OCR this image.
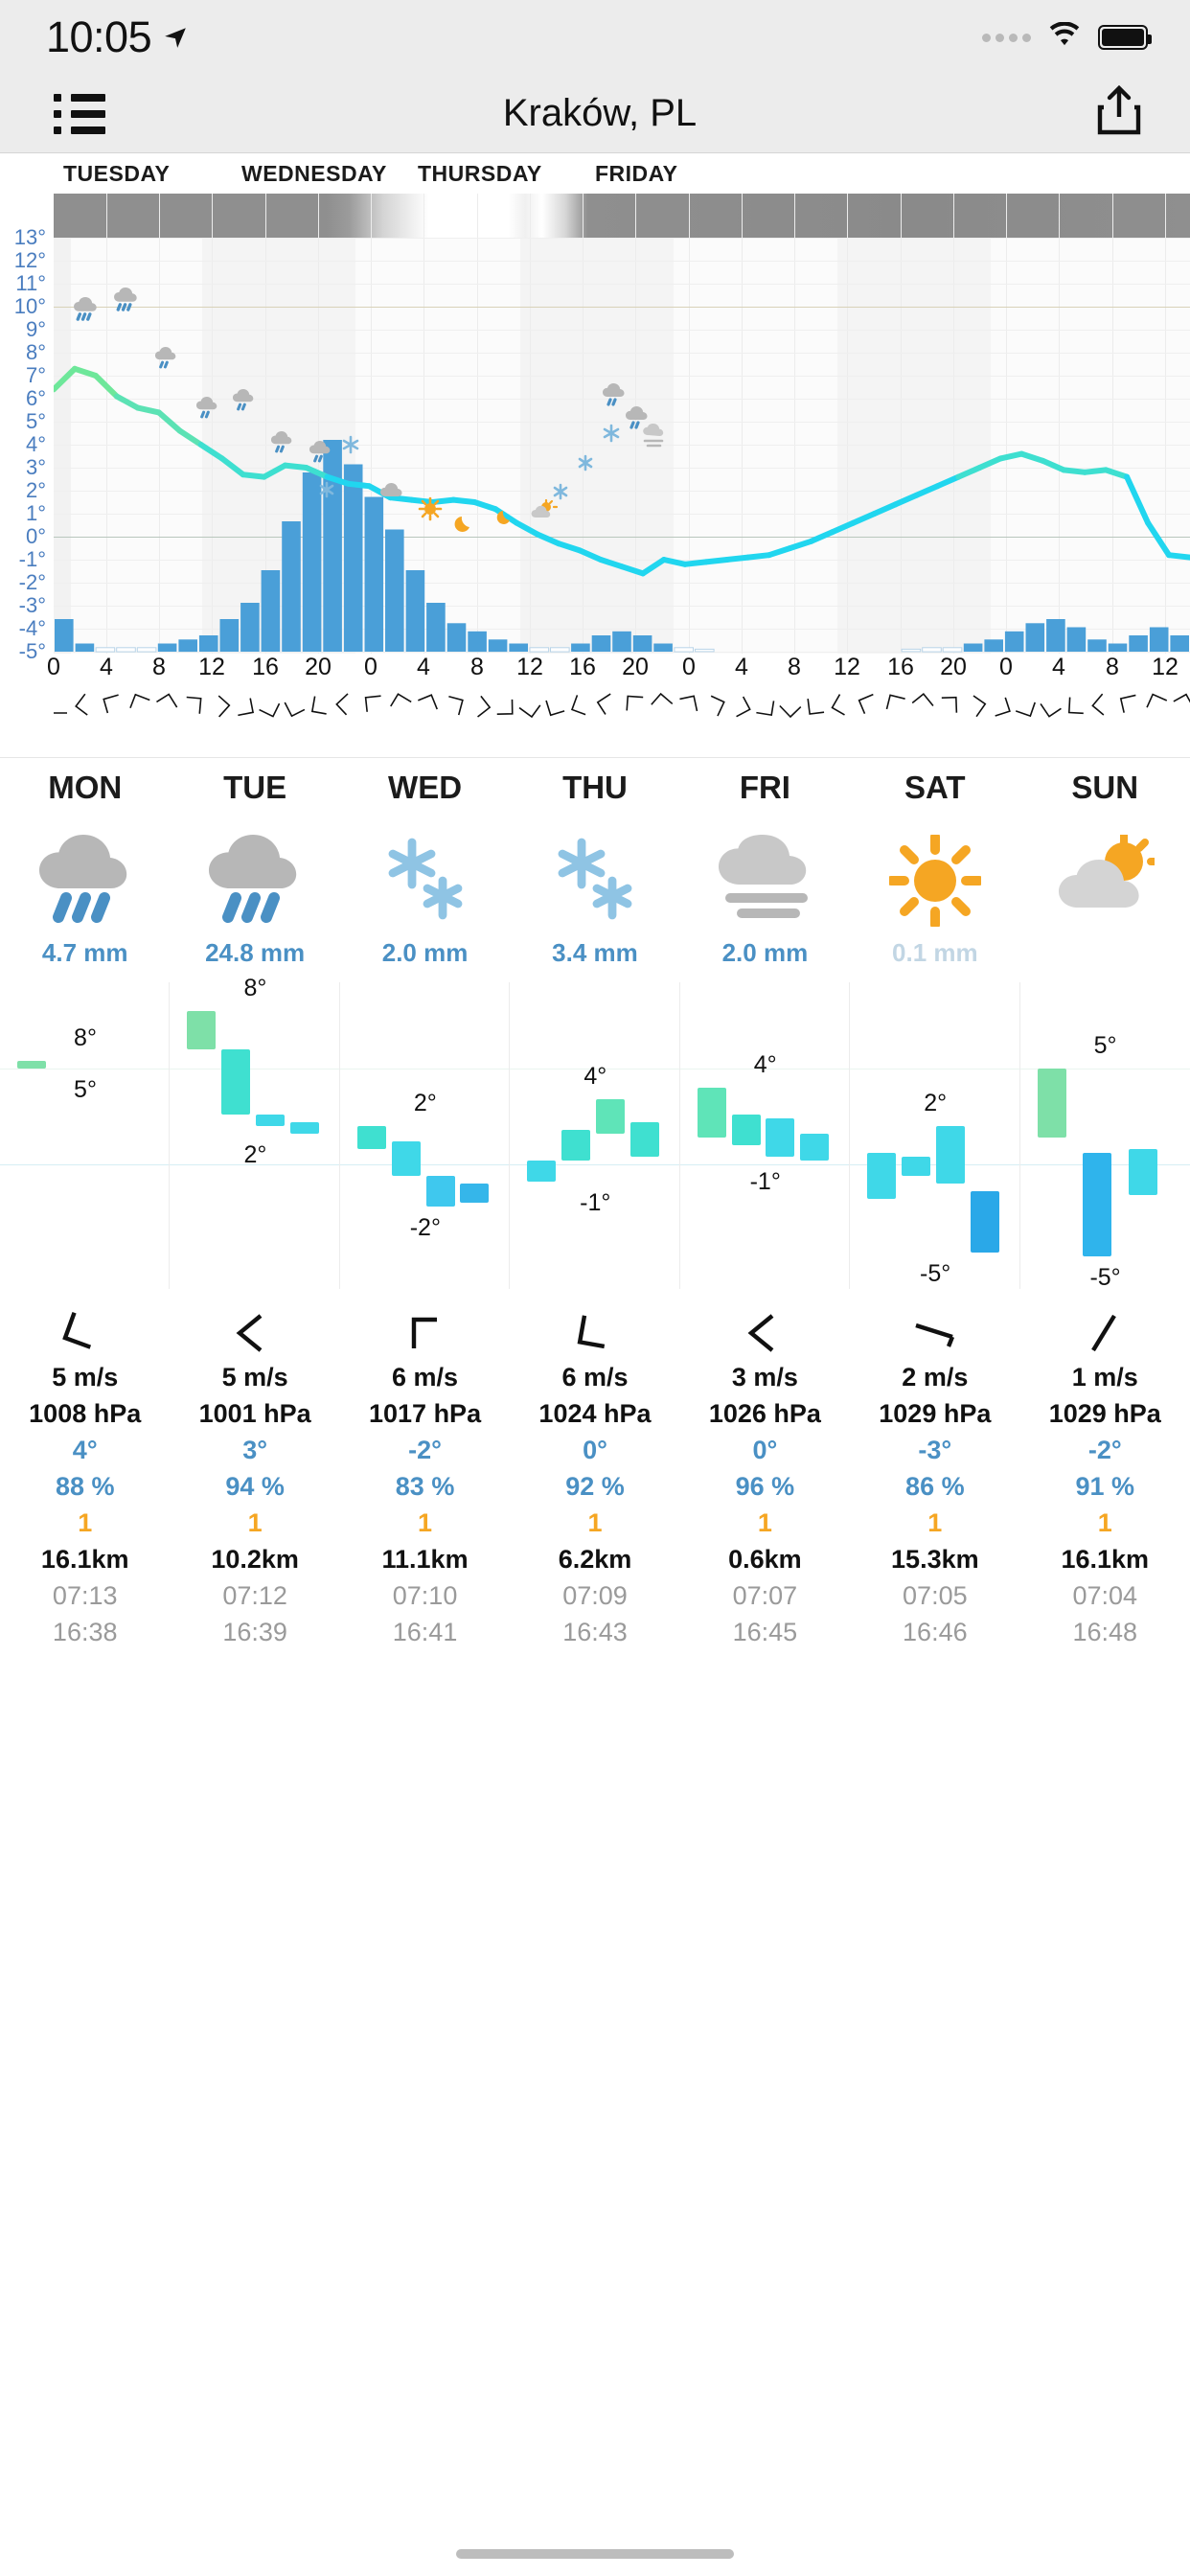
10:05
Kraków, PL
TUESDAY	WEDNESDAY THURSDAY FRIDAY
13°
12°
11°
10°
9°
8°
7°
6°
5°
4°
3°
2°
1°
0°
-1°
-2°
-3°
-4°
-5°
0 4 8 12 16 20 0 4 8 12 16 20 0 4 8 12 16 20 0 4 8 12
MON	TUE	WED	THU	FRI	SAT	SUN
4.7 mm	24.8 mm	2.0 mm	3.4 mm	2.0 mm	0.1 mm
8°
5°
8°
2°
2°
-2°
4°
-1°
4°
-1°
2°
-5°
5°
-5°
5 m/s	5 m/s	6 m/s	6 m/s	3 m/s	2 m/s	1 m/s
1008 hPa	1001 hPa	1017 hPa	1024 hPa	1026 hPa	1029 hPa	1029 hPa
4°	3°	-2°	0°	0°	-3°	-2°
88 %	94 %	83 %	92 %	96 %	86 %	91 %
1	1	1	1	1	1	1
16.1km	10.2km	11.1km	6.2km	0.6km	15.3km	16.1km
07:13	07:12	07:10	07:09	07:07	07:05	07:04
16:38	16:39	16:41	16:43	16:45	16:46	16:48
